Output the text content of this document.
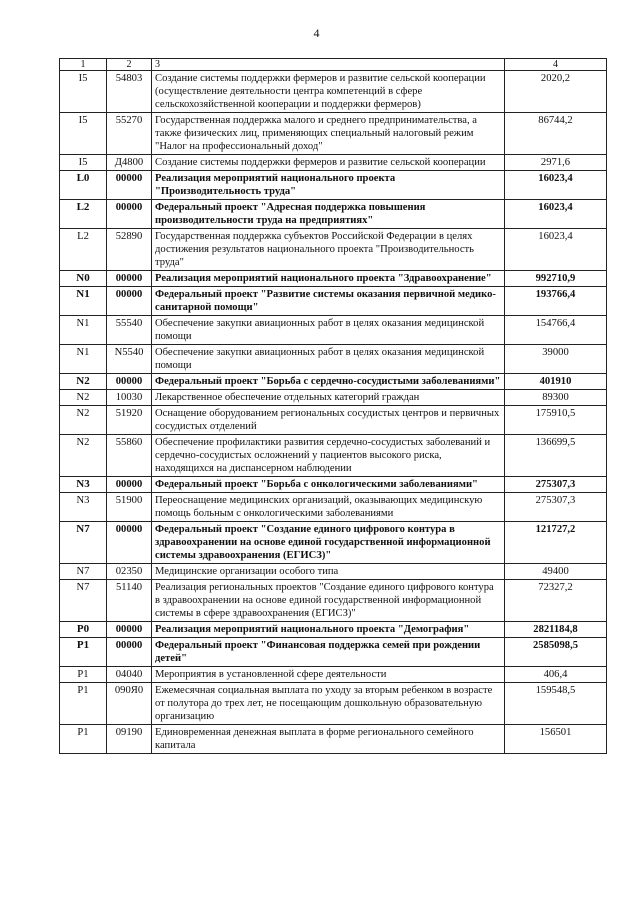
4
1	2	3	4
I5	54803	Создание системы поддержки фермеров и развитие сельской кооперации (осуществление деятельности центра компетенций в сфере сельскохозяйственной кооперации и поддержки фермеров)	2020,2
I5	55270	Государственная поддержка малого и среднего предпринимательства, а также физических лиц, применяющих специальный налоговый режим "Налог на профессиональный доход"	86744,2
I5	Д4800	Создание системы поддержки фермеров и развитие сельской кооперации	2971,6
L0	00000	Реализация мероприятий национального проекта "Производительность труда"	16023,4
L2	00000	Федеральный проект "Адресная поддержка повышения производительности труда на предприятиях"	16023,4
L2	52890	Государственная поддержка субъектов Российской Федерации в целях достижения результатов национального проекта "Производительность труда"	16023,4
N0	00000	Реализация мероприятий национального проекта "Здравоохранение"	992710,9
N1	00000	Федеральный проект "Развитие системы оказания первичной медико-санитарной помощи"	193766,4
N1	55540	Обеспечение закупки авиационных работ в целях оказания медицинской помощи	154766,4
N1	N5540	Обеспечение закупки авиационных работ в целях оказания медицинской помощи	39000
N2	00000	Федеральный проект "Борьба с сердечно-сосудистыми заболеваниями"	401910
N2	10030	Лекарственное обеспечение отдельных категорий граждан	89300
N2	51920	Оснащение оборудованием региональных сосудистых центров и первичных сосудистых отделений	175910,5
N2	55860	Обеспечение профилактики развития сердечно-сосудистых заболеваний и сердечно-сосудистых осложнений у пациентов высокого риска, находящихся на диспансерном наблюдении	136699,5
N3	00000	Федеральный проект "Борьба с онкологическими заболеваниями"	275307,3
N3	51900	Переоснащение медицинских организаций, оказывающих медицинскую помощь больным с онкологическими заболеваниями	275307,3
N7	00000	Федеральный проект "Создание единого цифрового контура в здравоохранении на основе единой государственной информационной системы здравоохранения (ЕГИСЗ)"	121727,2
N7	02350	Медицинские организации особого типа	49400
N7	51140	Реализация региональных проектов "Создание единого цифрового контура в здравоохранении на основе единой государственной информационной системы в сфере здравоохранения (ЕГИСЗ)"	72327,2
P0	00000	Реализация мероприятий национального проекта "Демография"	2821184,8
P1	00000	Федеральный проект "Финансовая поддержка семей при рождении детей"	2585098,5
P1	04040	Мероприятия в установленной сфере деятельности	406,4
P1	090Я0	Ежемесячная социальная выплата по уходу за вторым ребенком в возрасте от полутора до трех лет, не посещающим дошкольную образовательную организацию	159548,5
P1	09190	Единовременная денежная выплата в форме регионального семейного капитала	156501
